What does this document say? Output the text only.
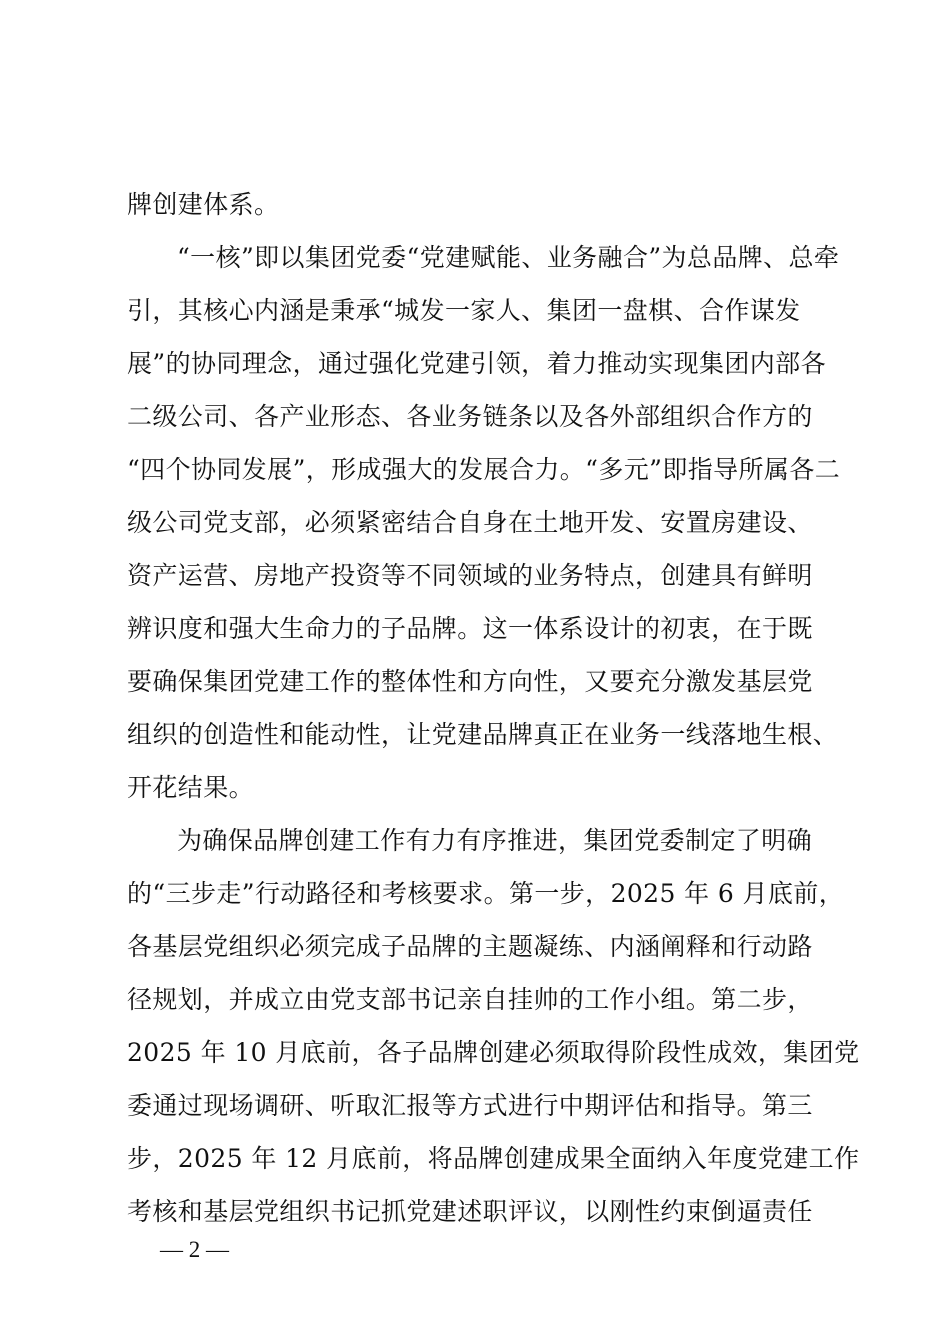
牌创建体系。
“一核”即以集团党委“党建赋能、业务融合”为总品牌、总牵
引，其核心内涵是秉承“城发一家人、集团一盘棋、合作谋发
展”的协同理念，通过强化党建引领，着力推动实现集团内部各
二级公司、各产业形态、各业务链条以及各外部组织合作方的
“四个协同发展”，形成强大的发展合力。“多元”即指导所属各二
级公司党支部，必须紧密结合自身在土地开发、安置房建设、
资产运营、房地产投资等不同领域的业务特点，创建具有鲜明
辨识度和强大生命力的子品牌。这一体系设计的初衷，在于既
要确保集团党建工作的整体性和方向性，又要充分激发基层党
组织的创造性和能动性，让党建品牌真正在业务一线落地生根、
开花结果。
为确保品牌创建工作有力有序推进，集团党委制定了明确
的“三步走”行动路径和考核要求。第一步，2025 年 6 月底前，
各基层党组织必须完成子品牌的主题凝练、内涵阐释和行动路
径规划，并成立由党支部书记亲自挂帅的工作小组。第二步，
2025 年 10 月底前，各子品牌创建必须取得阶段性成效，集团党
委通过现场调研、听取汇报等方式进行中期评估和指导。第三
步，2025 年 12 月底前，将品牌创建成果全面纳入年度党建工作
考核和基层党组织书记抓党建述职评议，以刚性约束倒逼责任
— 2 —
